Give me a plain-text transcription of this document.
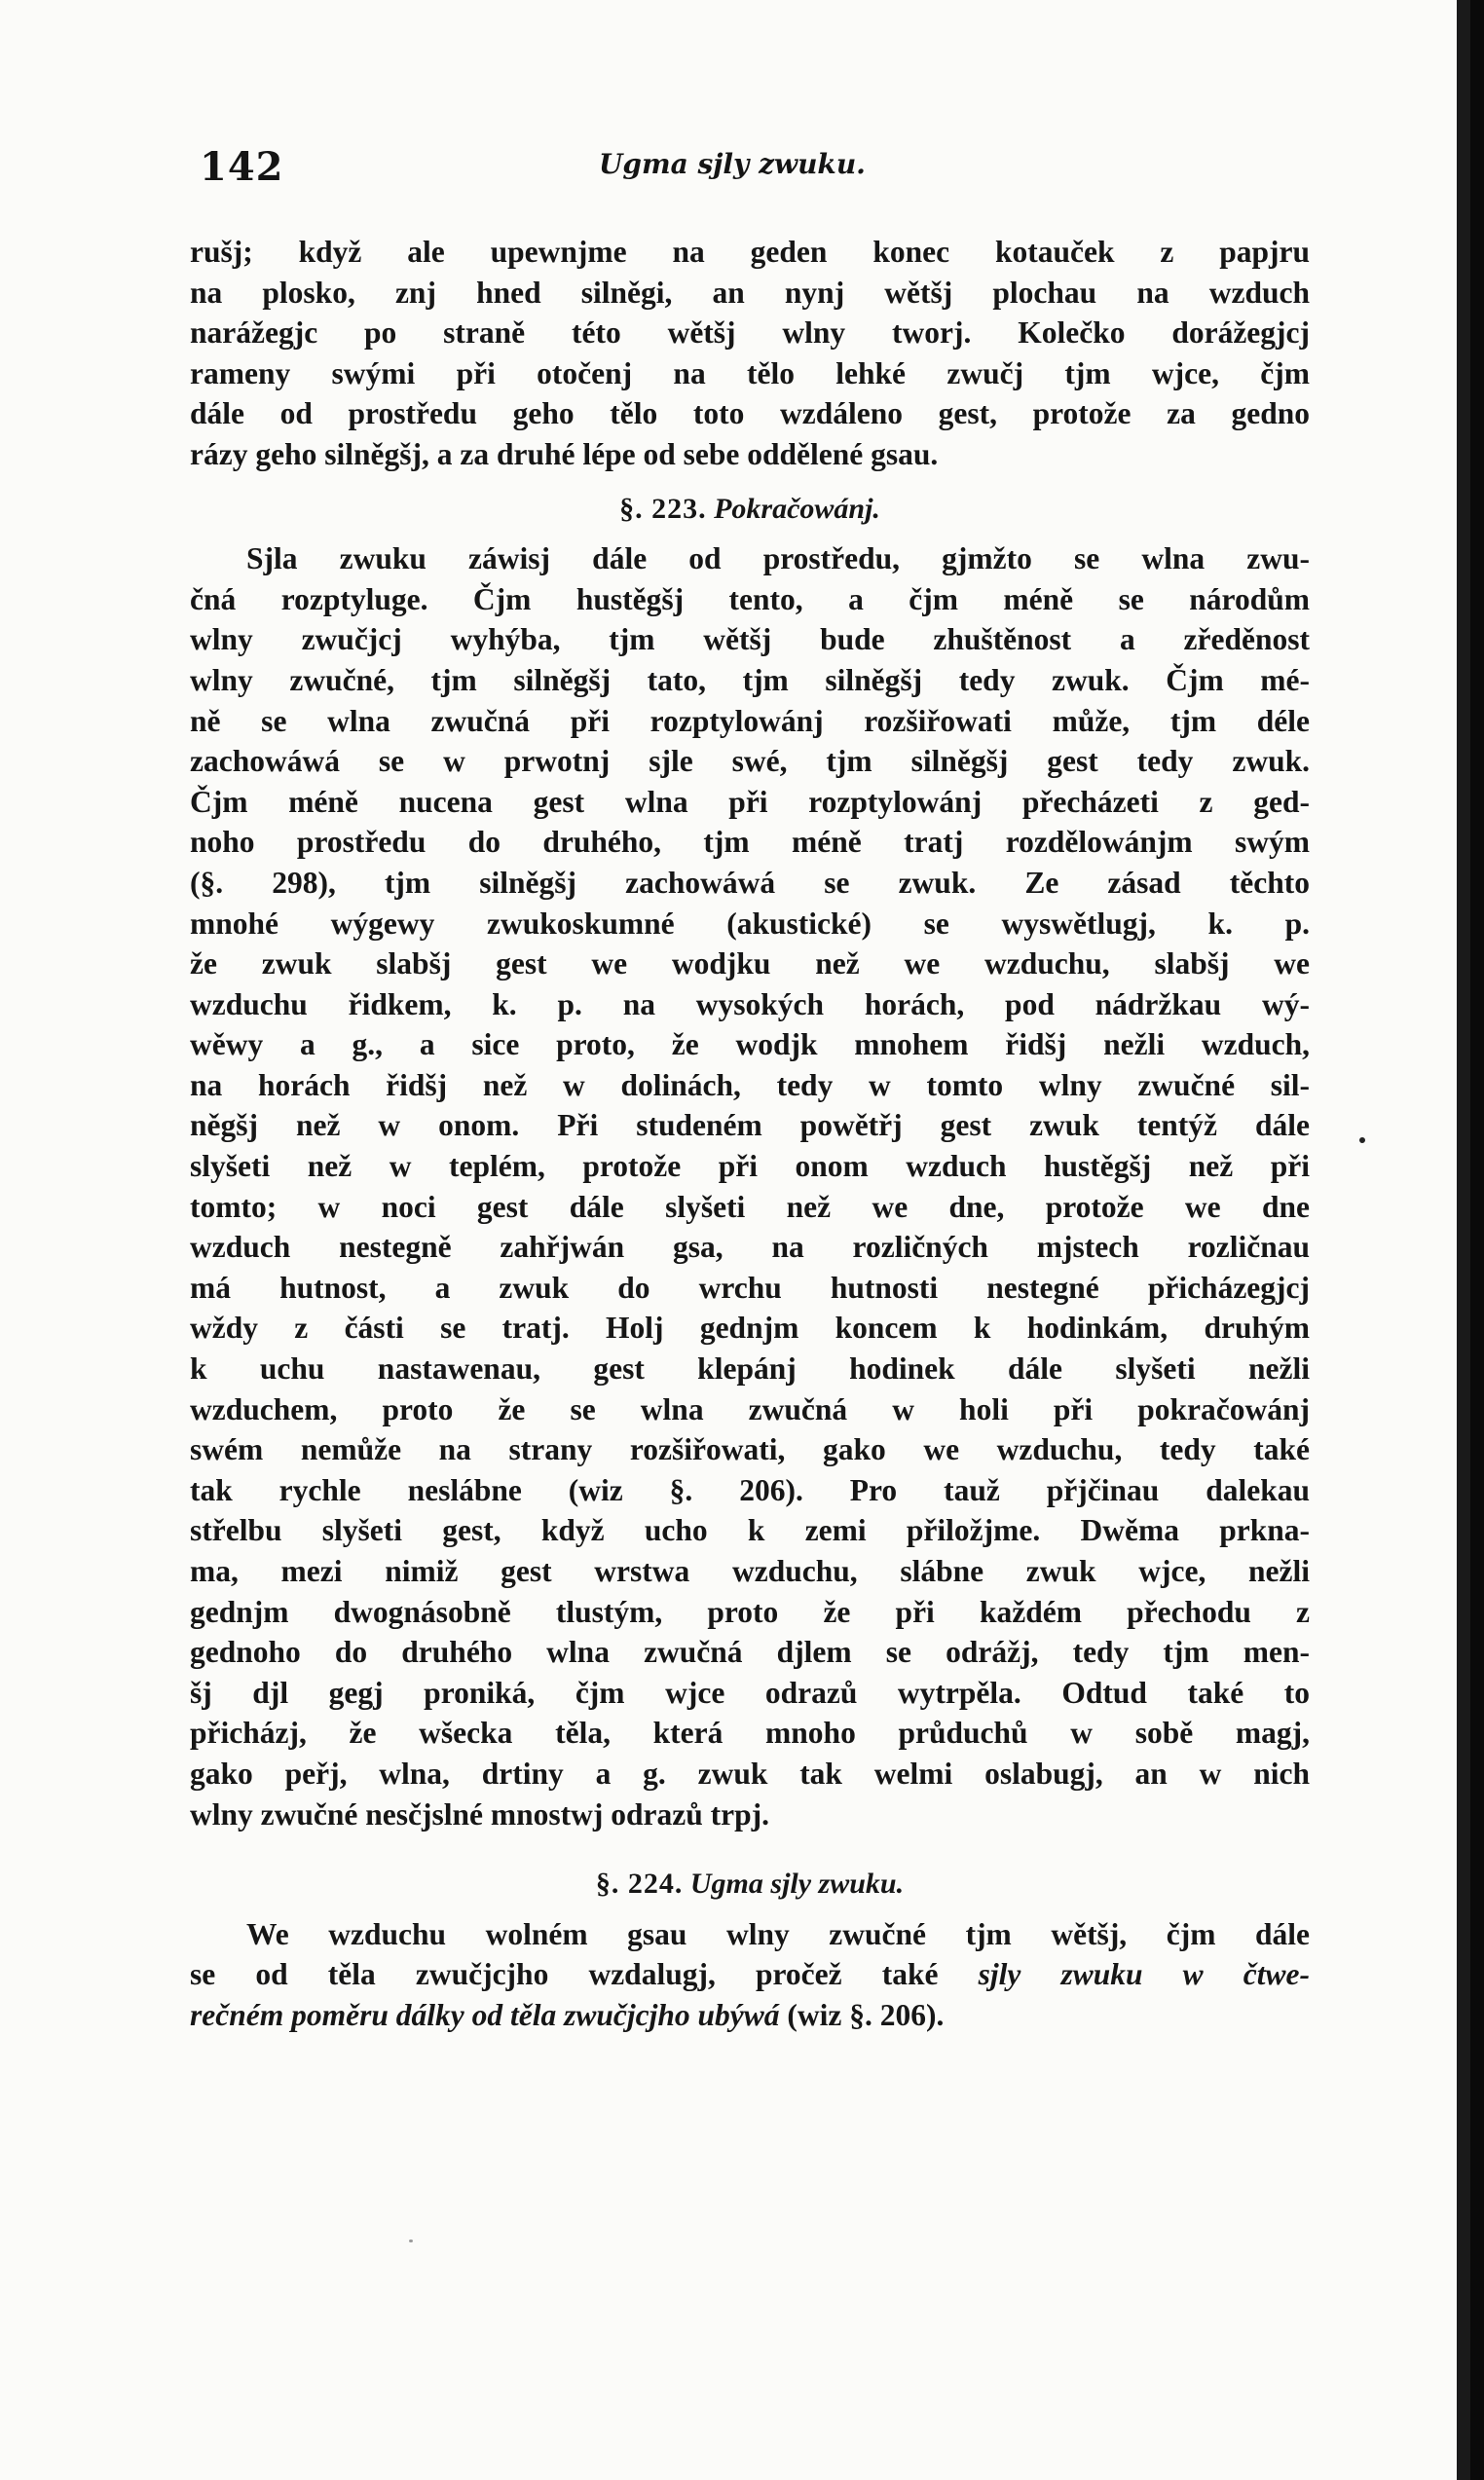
142	Ugma sjly zwuku.
rušj; když ale upewnjme na geden konec kotauček z papjru
na plosko, znj hned silněgi, an nynj wětšj plochau na wzduch
narážegjc po straně této wětšj wlny tworj. Kolečko dorážegjcj
rameny swými při otočenj na tělo lehké zwučj tjm wjce, čjm
dále od prostředu geho tělo toto wzdáleno gest, protože za gedno
rázy geho silněgšj, a za druhé lépe od sebe oddělené gsau.
§. 223. Pokračowánj.
Sjla zwuku záwisj dále od prostředu, gjmžto se wlna zwu-
čná rozptyluge. Čjm hustěgšj tento, a čjm méně se národům
wlny zwučjcj wyhýba, tjm wětšj bude zhuštěnost a zředěnost
wlny zwučné, tjm silněgšj tato, tjm silněgšj tedy zwuk. Čjm mé-
ně se wlna zwučná při rozptylowánj rozšiřowati může, tjm déle
zachowáwá se w prwotnj sjle swé, tjm silněgšj gest tedy zwuk.
Čjm méně nucena gest wlna při rozptylowánj přecházeti z ged-
noho prostředu do druhého, tjm méně tratj rozdělowánjm swým
(§. 298), tjm silněgšj zachowáwá se zwuk. Ze zásad těchto
mnohé wýgewy zwukoskumné (akustické) se wyswětlugj, k. p.
že zwuk slabšj gest we wodjku než we wzduchu, slabšj we
wzduchu řidkem, k. p. na wysokých horách, pod nádržkau wý-
wěwy a g., a sice proto, že wodjk mnohem řidšj nežli wzduch,
na horách řidšj než w dolinách, tedy w tomto wlny zwučné sil-
něgšj než w onom. Při studeném powětřj gest zwuk tentýž dále
slyšeti než w teplém, protože při onom wzduch hustěgšj než při
tomto; w noci gest dále slyšeti než we dne, protože we dne
wzduch nestegně zahřjwán gsa, na rozličných mjstech rozličnau
má hutnost, a zwuk do wrchu hutnosti nestegné přicházegjcj
wždy z části se tratj. Holj gednjm koncem k hodinkám, druhým
k uchu nastawenau, gest klepánj hodinek dále slyšeti nežli
wzduchem, proto že se wlna zwučná w holi při pokračowánj
swém nemůže na strany rozšiřowati, gako we wzduchu, tedy také
tak rychle neslábne (wiz §. 206). Pro tauž přjčinau dalekau
střelbu slyšeti gest, když ucho k zemi přiložjme. Dwěma prkna-
ma, mezi nimiž gest wrstwa wzduchu, slábne zwuk wjce, nežli
gednjm dwognásobně tlustým, proto že při každém přechodu z
gednoho do druhého wlna zwučná djlem se odrážj, tedy tjm men-
šj djl gegj proniká, čjm wjce odrazů wytrpěla. Odtud také to
přicházj, že wšecka těla, která mnoho průduchů w sobě magj,
gako peřj, wlna, drtiny a g. zwuk tak welmi oslabugj, an w nich
wlny zwučné nesčjslné mnostwj odrazů trpj.
§. 224. Ugma sjly zwuku.
We wzduchu wolném gsau wlny zwučné tjm wětšj, čjm dále
se od těla zwučjcjho wzdalugj, pročež také sjly zwuku w čtwe-
rečném poměru dálky od těla zwučjcjho ubýwá (wiz §. 206).
